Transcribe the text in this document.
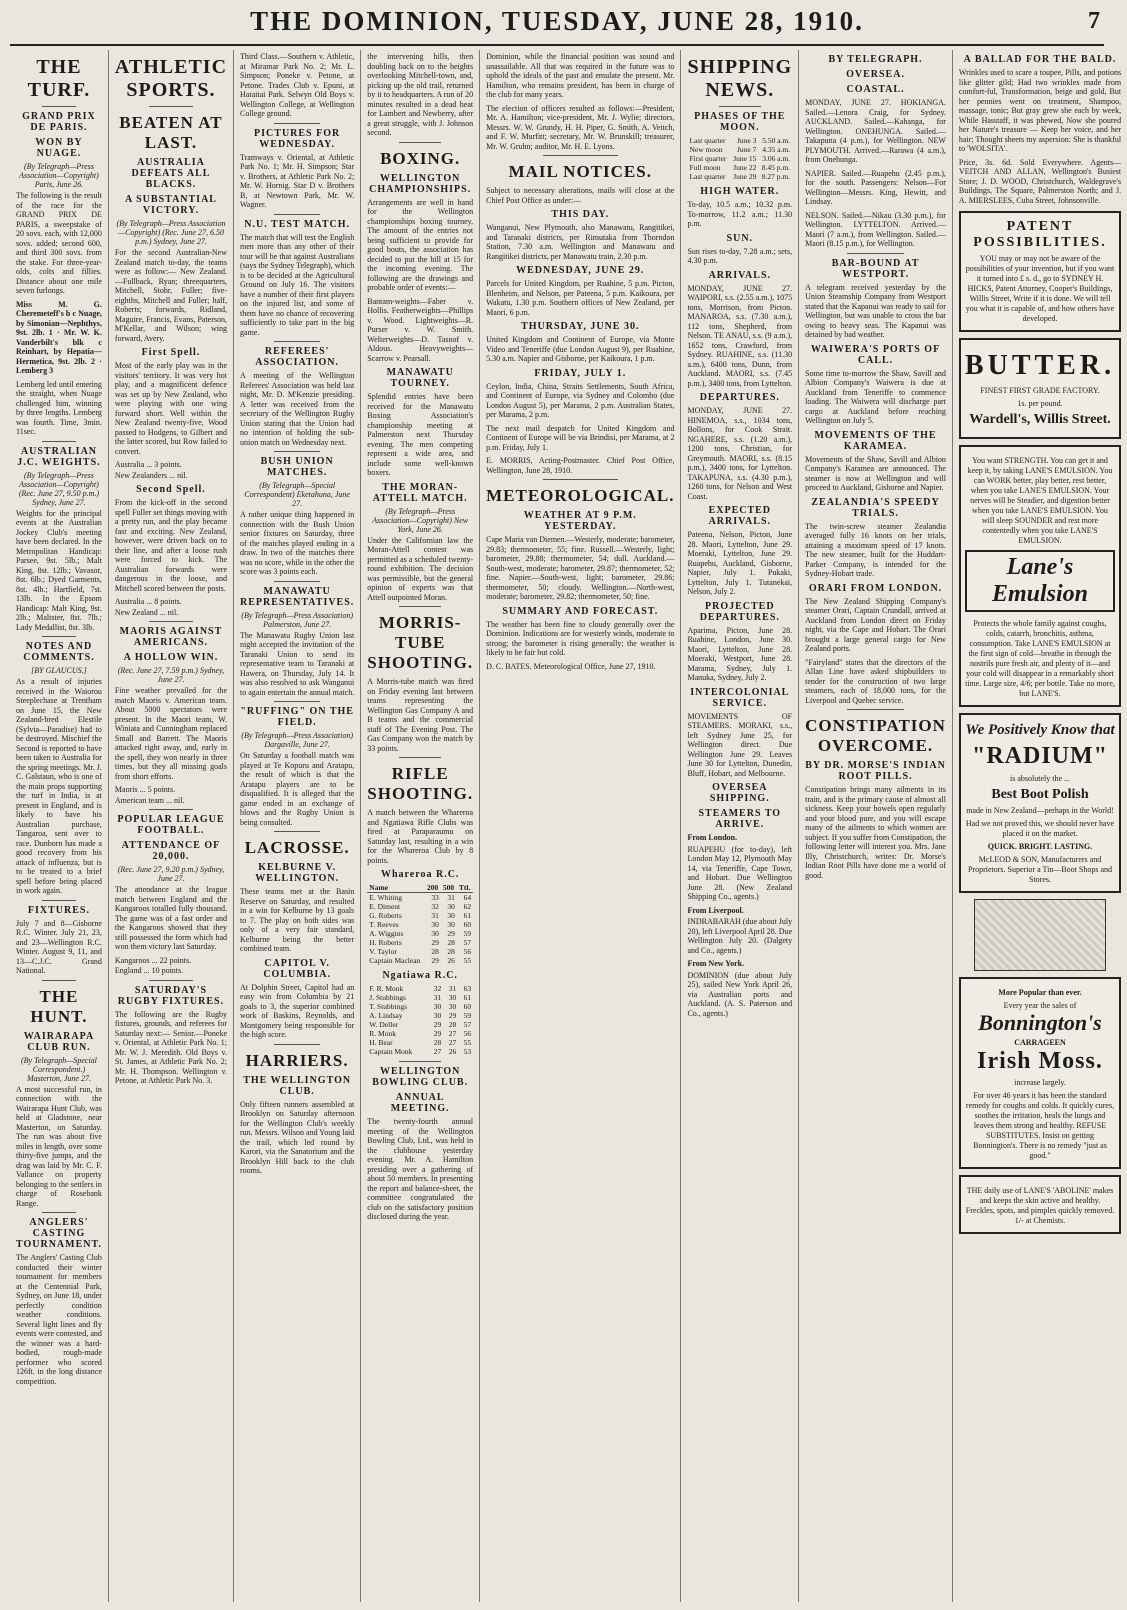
THE DOMINION, TUESDAY, JUNE 28, 1910.	7
THE TURF.
GRAND PRIX DE PARIS.
WON BY NUAGE.
(By Telegraph—Press Association—Copyright) Paris, June 26.
The following is the result of the race for the GRAND PRIX DE PARIS, a sweepstake of 20 sovs. each, with 12,000 sovs. added; second 600, and third 300 sovs. from the stake. For three-year-olds, colts and fillies. Distance about one mile seven furlongs.
Miss M. G. Cheremeteff's b c Nuage, by Simonian—Nephthys, 9st. 2lb. 1 · Mr. W. K. Vanderbilt's blk c Reinhart, by Hepatia—Hermetica, 9st. 2lb. 2 · Lemberg 3
Lemberg led until entering the straight, when Nuage challenged him, winning by three lengths. Lemberg was fourth. Time, 3min. 11sec.
AUSTRALIAN J.C. WEIGHTS.
(By Telegraph—Press Association—Copyright) (Rec. June 27, 9.50 p.m.) Sydney, June 27.
Weights for the principal events at the Australian Jockey Club's meeting have been declared. In the Metropolitan Handicap: Parsee, 9st. 5lb.; Malt King, 8st. 12lb.; Vavasor, 8st. 6lb.; Dyed Garments, 8st. 4lb.; Hartfield, 7st. 13lb. In the Epsom Handicap: Malt King, 9st. 2lb.; Maltster, 8st. 7lb.; Lady Medallist, 8st. 3lb.
NOTES AND COMMENTS.
[BY GLAUCUS.]
As a result of injuries received in the Waiorou Steeplechase at Trentham on June 15, the New Zealand-bred Elestile (Sylvia—Paradise) had to be destroyed. Mischief the Second is reported to have been taken to Australia for the spring meetings. Mr. J. C. Galstaun, who is one of the main props supporting the turf in India, is at present in England, and is likely to have his Australian purchase, Tangaroa, sent over to race. Dunborn has made a good recovery from his attack of influenza, but is to be treated to a brief spell before being placed in work again.
FIXTURES.
July 7 and 8—Gisborne R.C. Winter. July 21, 23, and 23—Wellington R.C. Winter. August 9, 11, and 13—C.J.C. Grand National.
THE HUNT.
WAIRARAPA CLUB RUN.
(By Telegraph—Special Correspondent.) Masterton, June 27.
A most successful run, in connection with the Wairarapa Hunt Club, was held at Gladstone, near Masterton, on Saturday. The run was about five miles in length, over some thirty-five jumps, and the drag was laid by Mr. C. F. Vallance on property belonging to the settlers in charge of Rosebank Range.
ANGLERS' CASTING TOURNAMENT.
The Anglers' Casting Club conducted their winter tournament for members at the Centennial Park, Sydney, on June 18, under perfectly condition weather conditions. Several light lines and fly events were contested, and the winner was a hard-bodied, rough-made performer who scored 126ft. in the long distance competition.
ATHLETIC SPORTS.
BEATEN AT LAST.
AUSTRALIA DEFEATS ALL BLACKS.
A SUBSTANTIAL VICTORY.
(By Telegraph—Press Association—Copyright) (Rec. June 27, 6.50 p.m.) Sydney, June 27.
For the second Australian-New Zealand match to-day, the teams were as follow:— New Zealand.—Fullback, Ryan; threequarters, Mitchell, Stohr, Fuller; five-eighths, Mitchell and Fuller; half, Roberts; forwards, Ridland, Maguire, Francis, Evans, Paterson, M'Kellar, and Wilson; wing forward, Avery.
First Spell.
Most of the early play was in the visitors' territory. It was very hot play, and a magnificent defence was set up by New Zealand, who were playing with one wing forward short. Well within the New Zealand twenty-five, Wood passed to Hodgens, to Gilbert and the latter scored, but Row failed to convert.
Australia ... 3 points.
New Zealanders ... nil.
Second Spell.
From the kick-off in the second spell Fuller set things moving with a pretty run, and the play became fast and exciting. New Zealand, however, were driven back on to their line, and after a loose rush were forced to kick. The Australian forwards were dangerous in the loose, and Mitchell scored between the posts.
Australia ... 8 points.
New Zealand ... nil.
MAORIS AGAINST AMERICANS.
A HOLLOW WIN.
(Rec. June 27, 7.59 p.m.) Sydney, June 27.
Fine weather prevailed for the match Maoris v. American team. About 5000 spectators were present. In the Maori team, W. Winiata and Cunningham replaced Small and Barrett. The Maoris attacked right away, and, early in the spell, they won nearly in three times, but they all missing goals from short efforts.
Maoris ... 5 points.
American team ... nil.
POPULAR LEAGUE FOOTBALL.
ATTENDANCE OF 20,000.
(Rec. June 27, 9.20 p.m.) Sydney, June 27.
The attendance at the league match between England and the Kangaroos totalled fully thousand. The game was of a fast order and the Kangaroos showed that they still possessed the form which had won them victory last Saturday.
Kangaroos ... 22 points.
England ... 10 points.
SATURDAY'S RUGBY FIXTURES.
The following are the Rugby fixtures, grounds, and referees for Saturday next:— Senior.—Poneke v. Oriental, at Athletic Park No. 1; Mr. W. J. Meredith. Old Boys v. St. James, at Athletic Park No. 2; Mr. H. Thompson. Wellington v. Petone, at Athletic Park No. 3.
Third Class.—Southern v. Athletic, at Miramar Park No. 2; Mr. L. Simpson; Poneke v. Petone, at Petone. Trades Club v. Epuni, at Hataitai Park. Selwyn Old Boys v. Wellington College, at Wellington College ground.
PICTURES FOR WEDNESDAY.
Tramways v. Oriental, at Athletic Park No. 1; Mr. H. Simpson; Star v. Brothers, at Athletic Park No. 2; Mr. W. Hornig. Star D v. Brothers B, at Newtown Park, Mr. W. Wagner.
N.U. TEST MATCH.
The match that will test the English men more than any other of their tour will be that against Australians (says the Sydney Telegraph), which is to be decided at the Agricultural Ground on July 16. The visitors have a number of their first players on the injured list, and some of them have no chance of recovering sufficiently to take part in the big game.
REFEREES' ASSOCIATION.
A meeting of the Wellington Referees' Association was held last night, Mr. D. M'Kenzie presiding. A letter was received from the secretary of the Wellington Rugby Union stating that the Union had no intention of holding the sub-union match on Wednesday next.
BUSH UNION MATCHES.
(By Telegraph—Special Correspondent) Eketahuna, June 27.
A rather unique thing happened in connection with the Bush Union senior fixtures on Saturday, three of the matches played ending in a draw. In two of the matches there was no score, while in the other the score was 3 points each.
MANAWATU REPRESENTATIVES.
(By Telegraph—Press Association) Palmerston, June 27.
The Manawatu Rugby Union last night accepted the invitation of the Taranaki Union to send its representative team to Taranaki at Hawera, on Thursday, July 14. It was also resolved to ask Wanganui to again entertain the annual match.
"RUFFING" ON THE FIELD.
(By Telegraph—Press Association) Dargaville, June 27.
On Saturday a football match was played at Te Kopuru and Aratapu, the result of which is that the Aratapu players are to be disqualified. It is alleged that the game ended in an exchange of blows and the Rugby Union is being consulted.
LACROSSE.
KELBURNE V. WELLINGTON.
These teams met at the Basin Reserve on Saturday, and resulted in a win for Kelburne by 13 goals to 7. The play on both sides was only of a very fair standard, Kelburne being the better combined team.
CAPITOL V. COLUMBIA.
At Dolphin Street, Capitol had an easy win from Columbia by 21 goals to 3, the superior combined work of Baskins, Reynolds, and Montgomery being responsible for the high score.
HARRIERS.
THE WELLINGTON CLUB.
Only fifteen runners assembled at Brooklyn on Saturday afternoon for the Wellington Club's weekly run. Messrs. Wilson and Young laid the trail, which led round by Karori, via the Sanatorium and the Brooklyn Hill back to the club rooms.
the intervening hills, then doubling back on to the heights overlooking Mitchell-town, and, picking up the old trail, returned by it to headquarters. A run of 20 minutes resulted in a dead heat for Lambert and Newberry, after a great struggle, with J. Johnson second.
BOXING.
WELLINGTON CHAMPIONSHIPS.
Arrangements are well in hand for the Wellington championships boxing tourney. The amount of the entries not being sufficient to provide for good bouts, the association has decided to put the bill at 15 for the incoming evening. The following are the drawings and probable order of events:—
Bantam-weights—Faber v. Hollis. Featherweights—Phillips v. Wood. Lightweights—R. Purser v. W. Smith. Welterweights—D. Tasnof v. Aldous. Heavyweights—Scarrow v. Pearsall.
MANAWATU TOURNEY.
Splendid entries have been received for the Manawatu Boxing Association's championship meeting at Palmerston next Thursday evening. The men competing represent a wide area, and include some well-known boxers.
THE MORAN-ATTELL MATCH.
(By Telegraph—Press Association—Copyright) New York, June 26.
Under the Californian law the Moran-Attell contest was permitted as a scheduled twenty-round exhibition. The decision was permissible, but the general opinion of experts was that Attell outpointed Moran.
MORRIS-TUBE SHOOTING.
A Morris-tube match was fired on Friday evening last between teams representing the Wellington Gas Company A and B teams and the commercial staff of The Evening Post. The Gas Company won the match by 33 points.
RIFLE SHOOTING.
A match between the Whareroa and Ngatiawa Rifle Clubs was fired at Paraparaumu on Saturday last, resulting in a win for the Whareroa Club by 8 points.
Whareroa R.C.
Name	200	500	Ttl.
E. Whiting	33	31	64
E. Diment	32	30	62
G. Roberts	31	30	61
T. Reeves	30	30	60
A. Wiggins	30	29	59
H. Roberts	29	28	57
V. Taylor	28	28	56
Captain Maclean	29	26	55
Ngatiawa R.C.
F. R. Monk	32	31	63
J. Stubbings	31	30	61
T. Stubbings	30	30	60
A. Lindsay	30	29	59
W. Deller	29	28	57
R. Monk	29	27	56
H. Bear	28	27	55
Captain Monk	27	26	53
WELLINGTON BOWLING CLUB.
ANNUAL MEETING.
The twenty-fourth annual meeting of the Wellington Bowling Club, Ltd., was held in the clubhouse yesterday evening. Mr. A. Hamilton presiding over a gathering of about 50 members. In presenting the report and balance-sheet, the committee congratulated the club on the satisfactory position disclosed during the year.
Dominion, while the financial position was sound and unassailable. All that was required in the future was to uphold the ideals of the past and emulate the present. Mr. Hamilton, who remains president, has been in charge of the club for many years.
The election of officers resulted as follows:—President, Mr. A. Hamilton; vice-president, Mr. J. Wylie; directors, Messrs. W. W. Grundy, H. H. Piper, G. Smith, A. Veitch, and F. W. Murfitt; secretary, Mr. W. Brunskill; treasurer, Mr. W. Gruhn; auditor, Mr. H. E. Lyons.
MAIL NOTICES.
Subject to necessary alterations, mails will close at the Chief Post Office as under:—
THIS DAY.
Wanganui, New Plymouth, also Manawatu, Rangitikei, and Taranaki districts, per Rimutaka from Thorndon Station, 7.30 a.m. Wellington and Manawatu and Rangitikei districts, per Manawatu train, 2.30 p.m.
WEDNESDAY, JUNE 29.
Parcels for United Kingdom, per Ruahine, 5 p.m. Picton, Blenheim, and Nelson, per Pateena, 5 p.m. Kaikoura, per Wakatu, 1.30 p.m. Southern offices of New Zealand, per Maori, 6 p.m.
THURSDAY, JUNE 30.
United Kingdom and Continent of Europe, via Monte Video and Teneriffe (due London August 9), per Ruahine, 5.30 a.m. Napier and Gisborne, per Kaikoura, 1 p.m.
FRIDAY, JULY 1.
Ceylon, India, China, Straits Settlements, South Africa, and Continent of Europe, via Sydney and Colombo (due London August 5), per Marama, 2 p.m. Australian States, per Marama, 2 p.m.
The next mail despatch for United Kingdom and Continent of Europe will be via Brindisi, per Marama, at 2 p.m. Friday, July 1.
E. MORRIS, Acting-Postmaster. Chief Post Office, Wellington, June 28, 1910.
METEOROLOGICAL.
WEATHER AT 9 P.M. YESTERDAY.
Cape Maria van Diemen.—Westerly, moderate; barometer, 29.83; thermometer, 55; fine. Russell.—Westerly, light; barometer, 29.88; thermometer, 54; dull. Auckland.—South-west, moderate; barometer, 29.87; thermometer, 52; fine. Napier.—South-west, light; barometer, 29.86; thermometer, 50; cloudy. Wellington.—North-west, moderate; barometer, 29.82; thermometer, 50; fine.
SUMMARY AND FORECAST.
The weather has been fine to cloudy generally over the Dominion. Indications are for westerly winds, moderate to strong; the barometer is rising generally; the weather is likely to be fair but cold.
D. C. BATES. Meteorological Office, June 27, 1910.
SHIPPING NEWS.
PHASES OF THE MOON.
Last quarter	June 3	5.50 a.m.
New moon	June 7	4.35 a.m.
First quarter	June 15	3.06 a.m.
Full moon	June 22	8.45 p.m.
Last quarter	June 29	8.27 p.m.
HIGH WATER.
To-day, 10.5 a.m.; 10.32 p.m. To-morrow, 11.2 a.m.; 11.30 p.m.
SUN.
Sun rises to-day, 7.28 a.m.; sets, 4.30 p.m.
ARRIVALS.
MONDAY, JUNE 27. WAIPORI, s.s. (2.55 a.m.), 1075 tons, Morrison, from Picton. MANAROA, s.s. (7.30 a.m.), 112 tons, Shepherd, from Nelson. TE ANAU, s.s. (9 a.m.), 1652 tons, Crawford, from Sydney. RUAHINE, s.s. (11.30 a.m.), 6400 tons, Dunn, from Auckland. MAORI, s.s. (7.45 p.m.), 3400 tons, from Lyttelton.
DEPARTURES.
MONDAY, JUNE 27. HINEMOA, s.s., 1034 tons, Bollons, for Cook Strait. NGAHERE, s.s. (1.20 a.m.), 1200 tons, Christian, for Greymouth. MAORI, s.s. (8.15 p.m.), 3400 tons, for Lyttelton. TAKAPUNA, s.s. (4.30 p.m.), 1260 tons, for Nelson and West Coast.
EXPECTED ARRIVALS.
Pateena, Nelson, Picton, June 28. Maori, Lyttelton, June 29. Moeraki, Lyttelton, June 29. Ruapehu, Auckland, Gisborne, Napier, July 1. Pukaki, Lyttelton, July 1. Tutanekai, Nelson, July 2.
PROJECTED DEPARTURES.
Aparima, Picton, June 28. Ruahine, London, June 30. Maori, Lyttelton, June 28. Moeraki, Westport, June 28. Marama, Sydney, July 1. Manuka, Sydney, July 2.
INTERCOLONIAL SERVICE.
MOVEMENTS OF STEAMERS. MORAKI, s.s., left Sydney June 25, for Wellington direct. Due Wellington June 29. Leaves June 30 for Lyttelton, Dunedin, Bluff, Hobart, and Melbourne.
OVERSEA SHIPPING.
STEAMERS TO ARRIVE.
From London.
RUAPEHU (for to-day), left London May 12, Plymouth May 14, via Teneriffe, Cape Town, and Hobart. Due Wellington June 28. (New Zealand Shipping Co., agents.)
From Liverpool.
INDRABARAH (due about July 20), left Liverpool April 28. Due Wellington July 20. (Dalgety and Co., agents.)
From New York.
DOMINION (due about July 25), sailed New York April 26, via Australian ports and Auckland. (A. S. Paterson and Co., agents.)
BY TELEGRAPH.
OVERSEA.
COASTAL.
MONDAY, JUNE 27. HOKIANGA. Sailed.—Lenora Craig, for Sydney. AUCKLAND. Sailed.—Kahanga, for Wellington. ONEHUNGA. Sailed.—Takapuna (4 p.m.), for Wellington. NEW PLYMOUTH. Arrived.—Rarawa (4 a.m.), from Onehunga.
NAPIER. Sailed.—Ruapehu (2.45 p.m.), for the south. Passengers: Nelson—For Wellington—Messrs. King, Hewitt, and Lindsay.
NELSON. Sailed.—Nikau (3.30 p.m.), for Wellington. LYTTELTON. Arrived.—Maori (7 a.m.), from Wellington. Sailed.—Maori (8.15 p.m.), for Wellington.
BAR-BOUND AT WESTPORT.
A telegram received yesterday by the Union Steamship Company from Westport stated that the Kapanui was ready to sail for Wellington, but was unable to cross the bar owing to heavy seas. The Kapanui was detained by bad weather.
WAIWERA'S PORTS OF CALL.
Some time to-morrow the Shaw, Savill and Albion Company's Waiwera is due at Auckland from Teneriffe to commence loading. The Waiwera will discharge part cargo at Auckland before reaching Wellington on July 5.
MOVEMENTS OF THE KARAMEA.
Movements of the Shaw, Savill and Albion Company's Karamea are announced. The steamer is now at Wellington and will proceed to Auckland, Gisborne and Napier.
ZEALANDIA'S SPEEDY TRIALS.
The twin-screw steamer Zealandia averaged fully 16 knots on her trials, attaining a maximum speed of 17 knots. The new steamer, built for the Huddart-Parker Company, is intended for the Sydney-Hobart trade.
ORARI FROM LONDON.
The New Zealand Shipping Company's steamer Orari, Captain Crundall, arrived at Auckland from London direct on Friday night, via the Cape and Hobart. The Orari brought a large general cargo for New Zealand ports.
"Fairyland" states that the directors of the Allan Line have asked shipbuilders to tender for the construction of two large steamers, each of 18,000 tons, for the Liverpool and Quebec service.
CONSTIPATION OVERCOME.
BY DR. MORSE'S INDIAN ROOT PILLS.
Constipation brings many ailments in its train, and is the primary cause of almost all sickness. Keep your bowels open regularly and your blood pure, and you will escape many of the ailments to which women are subject. If you suffer from Constipation, the following letter will interest you. Mrs. Jane Illy, Christchurch, writes: Dr. Morse's Indian Root Pills have done me a world of good.
A BALLAD FOR THE BALD.
Wrinkles used to scare a toupee, Pills, and potions like glitter gild; Had two wrinkles made from comfort-ful, Transformation, beige and gold, But her pennies went on treatment, Shampoo, massage, tonic; But gray grew she each by week, While Hasstaff, it was phewed, Now she poured her Nature's treasure — Keep her voice, and her hair; Thought sheets my aspersion: She is thankful to 'WOLSITA'.
Price, 3s. 6d. Sold Everywhere. Agents—VEITCH AND ALLAN, Wellington's Busiest Store; J. D. WOOD, Christchurch, Waldegrave's Buildings, The Square, Palmerston North; and J. A. MIERSLEES, Cuba Street, Johnsonville.
PATENT POSSIBILITIES.
YOU may or may not be aware of the possibilities of your invention, but if you want it turned into £ s. d., go to SYDNEY H. HICKS, Patent Attorney, Cooper's Buildings, Willis Street, Write if it is done. We will tell you what it is capable of, and how others have developed.
BUTTER.
FINEST FIRST GRADE FACTORY.
1s. per pound.
Wardell's, Willis Street.
You want STRENGTH. You can get it and keep it, by taking LANE'S EMULSION. You can WORK better, play better, rest better, when you take LANE'S EMULSION. Your nerves will be Steadier, and digestion better when you take LANE'S EMULSION. You will sleep SOUNDER and rest more contentedly when you take LANE'S EMULSION.
Lane's Emulsion
Protects the whole family against coughs, colds, catarrh, bronchitis, asthma, consumption. Take LANE'S EMULSION at the first sign of cold—breathe in through the nostrils pure fresh air, and plenty of it—and your cold will disappear in a remarkably short time. Large size, 4/6; per bottle. Take no more, but LANE'S.
We Positively Know that
"RADIUM"
is absolutely the ...
Best Boot Polish
made in New Zealand—perhaps in the World!
Had we not proved this, we should never have placed it on the market.
QUICK. BRIGHT. LASTING.
McLEOD & SON, Manufacturers and Proprietors. Superior a Tin—Boot Shops and Stores.
More Popular than ever.
Every year the sales of
Bonnington's
CARRAGEEN
Irish Moss.
increase largely.
For over 46 years it has been the standard remedy for coughs and colds. It quickly cures, soothes the irritation, heals the lungs and leaves them strong and healthy. REFUSE SUBSTITUTES. Insist on getting Bonnington's. There is no remedy "just as good."
THE daily use of LANE'S 'ABOLINE' makes and keeps the skin active and healthy. Freckles, spots, and pimples quickly removed. 1/- at Chemists.
